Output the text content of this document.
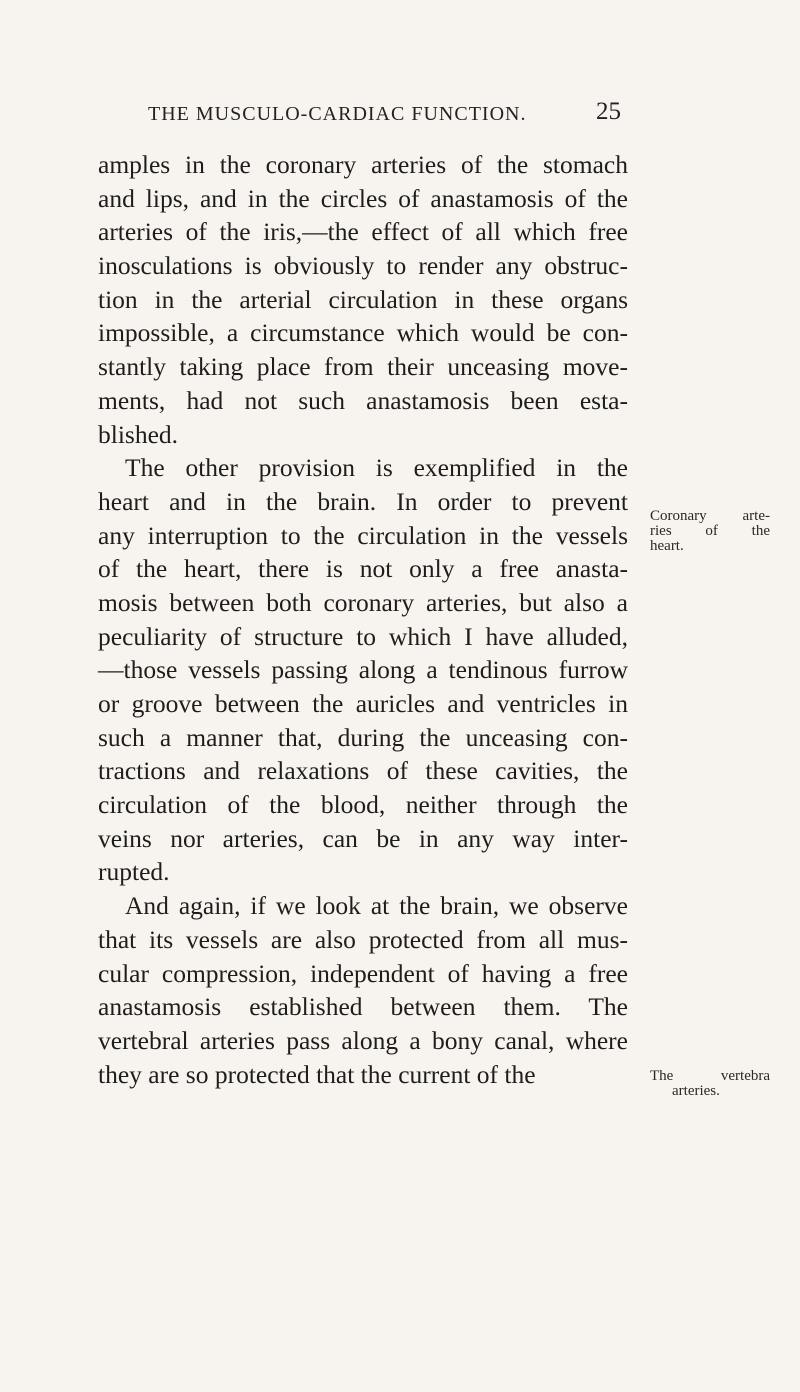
THE MUSCULO-CARDIAC FUNCTION.	25
amples in the coronary arteries of the stomach
and lips, and in the circles of anastamosis of the
arteries of the iris,—the effect of all which free
inosculations is obviously to render any obstruc-
tion in the arterial circulation in these organs
impossible, a circumstance which would be con-
stantly taking place from their unceasing move-
ments, had not such anastamosis been esta-
blished.
The other provision is exemplified in the
heart and in the brain. In order to prevent
any interruption to the circulation in the vessels
of the heart, there is not only a free anasta-
mosis between both coronary arteries, but also a
peculiarity of structure to which I have alluded,
—those vessels passing along a tendinous furrow
or groove between the auricles and ventricles in
such a manner that, during the unceasing con-
tractions and relaxations of these cavities, the
circulation of the blood, neither through the
veins nor arteries, can be in any way inter-
rupted.
And again, if we look at the brain, we observe
that its vessels are also protected from all mus-
cular compression, independent of having a free
anastamosis established between them. The
vertebral arteries pass along a bony canal, where
they are so protected that the current of the
Coronary arte-
ries of the
heart.
The vertebra
arteries.
